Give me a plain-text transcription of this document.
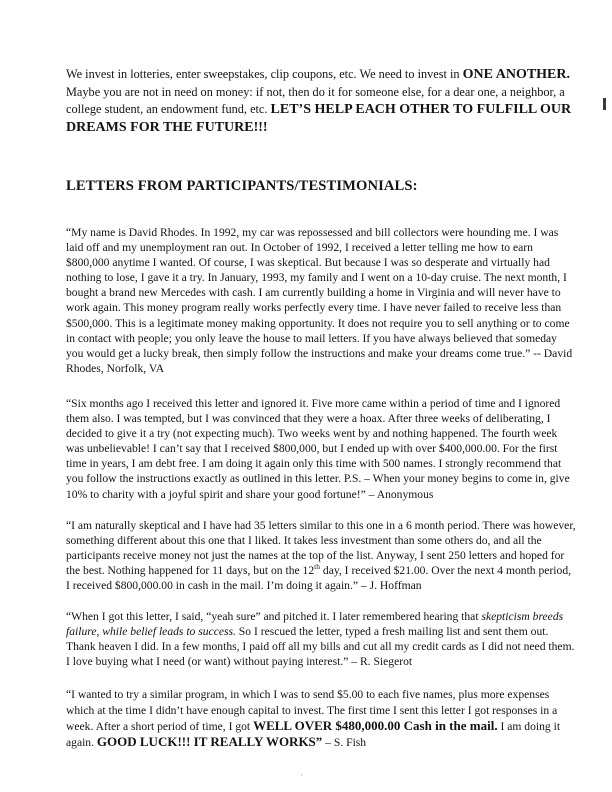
We invest in lotteries, enter sweepstakes, clip coupons, etc. We need to invest in ONE ANOTHER. Maybe you are not in need on money: if not, then do it for someone else, for a dear one, a neighbor, a college student, an endowment fund, etc. LET’S HELP EACH OTHER TO FULFILL OUR DREAMS FOR THE FUTURE!!!

LETTERS FROM PARTICIPANTS/TESTIMONIALS:

“My name is David Rhodes. In 1992, my car was repossessed and bill collectors were hounding me. I was laid off and my unemployment ran out. In October of 1992, I received a letter telling me how to earn $800,000 anytime I wanted. Of course, I was skeptical. But because I was so desperate and virtually had nothing to lose, I gave it a try. In January, 1993, my family and I went on a 10-day cruise. The next month, I bought a brand new Mercedes with cash. I am currently building a home in Virginia and will never have to work again. This money program really works perfectly every time. I have never failed to receive less than $500,000. This is a legitimate money making opportunity. It does not require you to sell anything or to come in contact with people; you only leave the house to mail letters. If you have always believed that someday you would get a lucky break, then simply follow the instructions and make your dreams come true.” -- David Rhodes, Norfolk, VA

“Six months ago I received this letter and ignored it. Five more came within a period of time and I ignored them also. I was tempted, but I was convinced that they were a hoax. After three weeks of deliberating, I decided to give it a try (not expecting much). Two weeks went by and nothing happened. The fourth week was unbelievable! I can’t say that I received $800,000, but I ended up with over $400,000.00. For the first time in years, I am debt free. I am doing it again only this time with 500 names. I strongly recommend that you follow the instructions exactly as outlined in this letter. P.S. – When your money begins to come in, give 10% to charity with a joyful spirit and share your good fortune!” – Anonymous

“I am naturally skeptical and I have had 35 letters similar to this one in a 6 month period. There was however, something different about this one that I liked. It takes less investment than some others do, and all the participants receive money not just the names at the top of the list. Anyway, I sent 250 letters and hoped for the best. Nothing happened for 11 days, but on the 12th day, I received $21.00. Over the next 4 month period, I received $800,000.00 in cash in the mail. I’m doing it again.” – J. Hoffman

“When I got this letter, I said, “yeah sure” and pitched it. I later remembered hearing that skepticism breeds failure, while belief leads to success. So I rescued the letter, typed a fresh mailing list and sent them out. Thank heaven I did. In a few months, I paid off all my bills and cut all my credit cards as I did not need them. I love buying what I need (or want) without paying interest.” – R. Siegerot

“I wanted to try a similar program, in which I was to send $5.00 to each five names, plus more expenses which at the time I didn’t have enough capital to invest. The first time I sent this letter I got responses in a week. After a short period of time, I got WELL OVER $480,000.00 Cash in the mail. I am doing it again. GOOD LUCK!!! IT REALLY WORKS” – S. Fish

·
